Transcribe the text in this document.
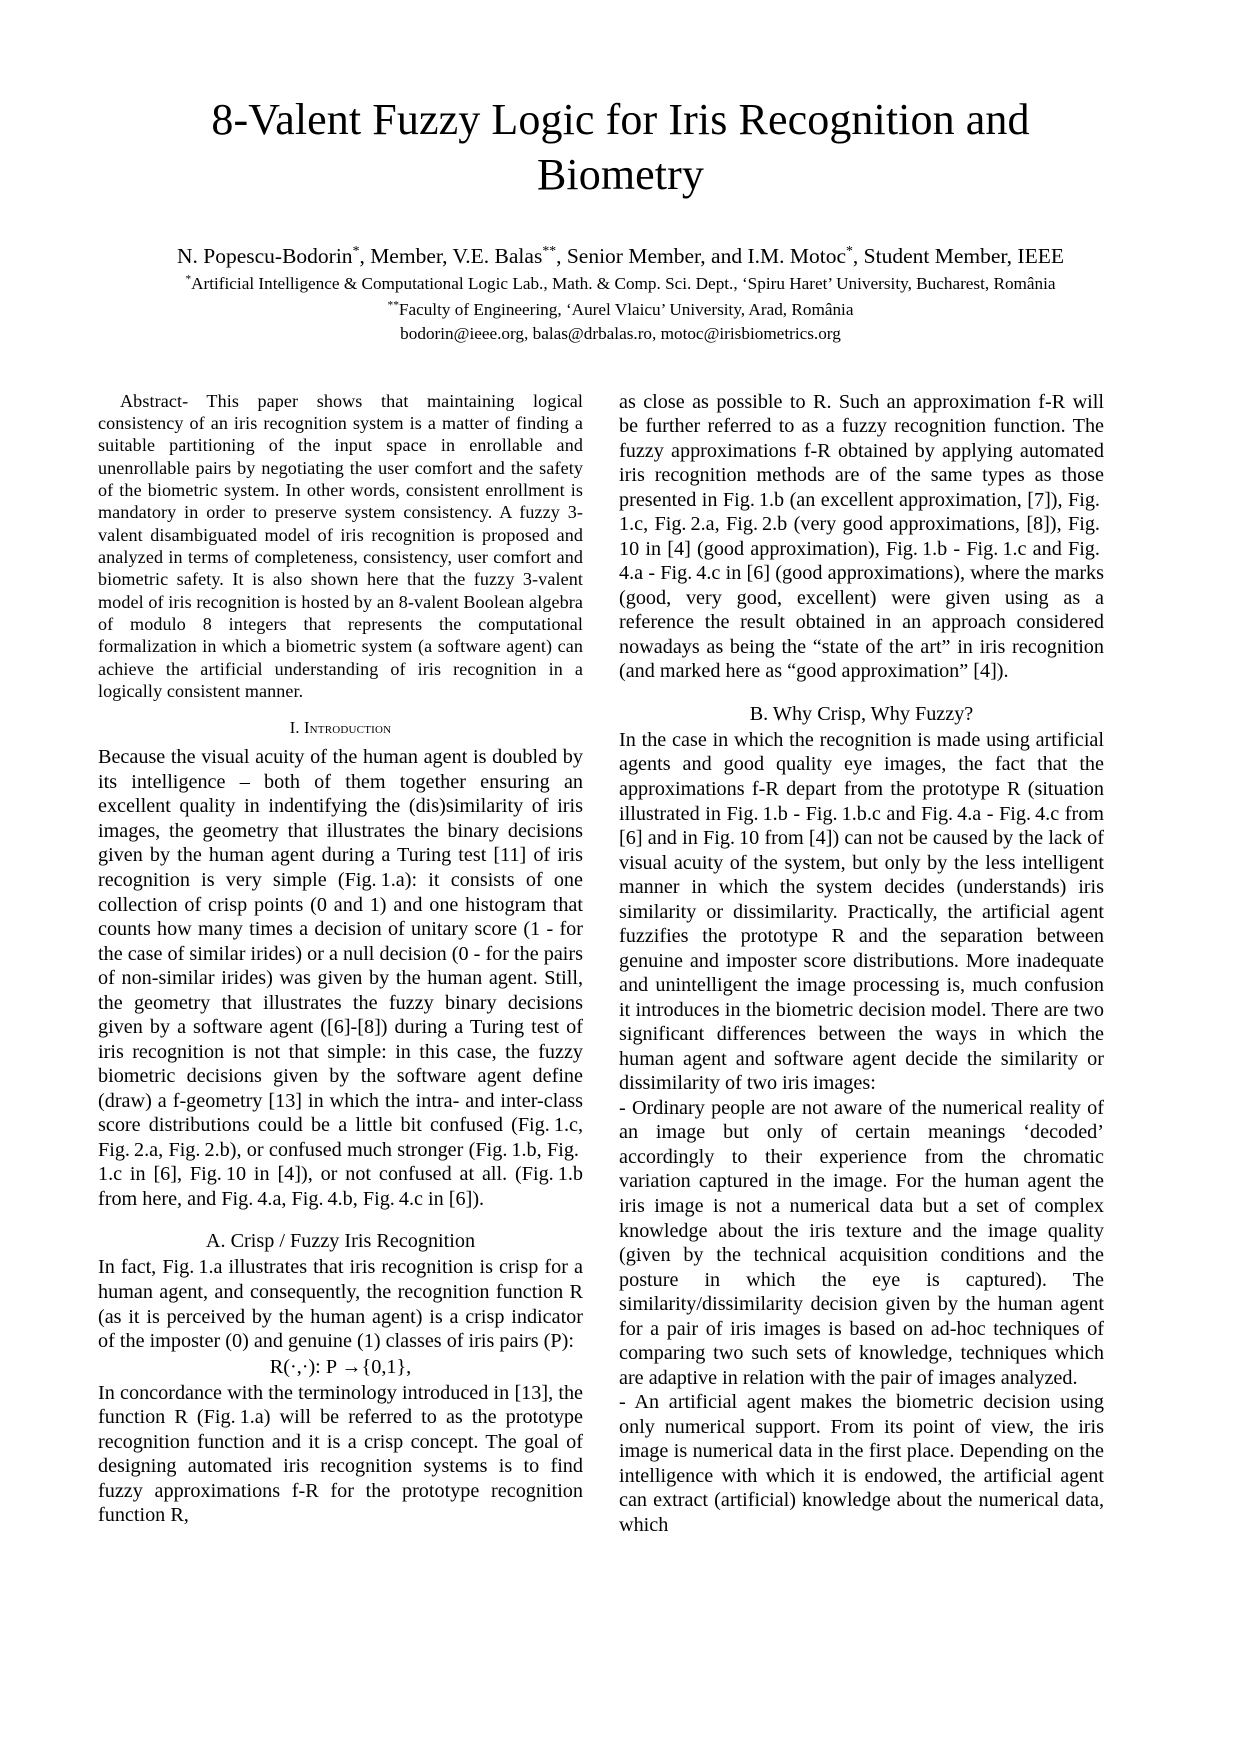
8-Valent Fuzzy Logic for Iris Recognition and Biometry
N. Popescu-Bodorin*, Member, V.E. Balas**, Senior Member, and I.M. Motoc*, Student Member, IEEE
*Artificial Intelligence & Computational Logic Lab., Math. & Comp. Sci. Dept., ‘Spiru Haret’ University, Bucharest, România
**Faculty of Engineering, ‘Aurel Vlaicu’ University, Arad, România
bodorin@ieee.org, balas@drbalas.ro, motoc@irisbiometrics.org

Abstract- This paper shows that maintaining logical consistency of an iris recognition system is a matter of finding a suitable partitioning of the input space in enrollable and unenrollable pairs by negotiating the user comfort and the safety of the biometric system. In other words, consistent enrollment is mandatory in order to preserve system consistency. A fuzzy 3-valent disambiguated model of iris recognition is proposed and analyzed in terms of completeness, consistency, user comfort and biometric safety. It is also shown here that the fuzzy 3-valent model of iris recognition is hosted by an 8-valent Boolean algebra of modulo 8 integers that represents the computational formalization in which a biometric system (a software agent) can achieve the artificial understanding of iris recognition in a logically consistent manner.

I. Introduction

Because the visual acuity of the human agent is doubled by its intelligence – both of them together ensuring an excellent quality in indentifying the (dis)similarity of iris images, the geometry that illustrates the binary decisions given by the human agent during a Turing test [11] of iris recognition is very simple (Fig. 1.a): it consists of one collection of crisp points (0 and 1) and one histogram that counts how many times a decision of unitary score (1 - for the case of similar irides) or a null decision (0 - for the pairs of non-similar irides) was given by the human agent. Still, the geometry that illustrates the fuzzy binary decisions given by a software agent ([6]-[8]) during a Turing test of iris recognition is not that simple: in this case, the fuzzy biometric decisions given by the software agent define (draw) a f-geometry [13] in which the intra- and inter-class score distributions could be a little bit confused (Fig. 1.c, Fig. 2.a, Fig. 2.b), or confused much stronger (Fig. 1.b, Fig. 1.c in [6], Fig. 10 in [4]), or not confused at all. (Fig. 1.b from here, and Fig. 4.a, Fig. 4.b, Fig. 4.c in [6]).

A. Crisp / Fuzzy Iris Recognition

In fact, Fig. 1.a illustrates that iris recognition is crisp for a human agent, and consequently, the recognition function R (as it is perceived by the human agent) is a crisp indicator of the imposter (0) and genuine (1) classes of iris pairs (P):

R(·,·): P →{0,1},

In concordance with the terminology introduced in [13], the function R (Fig. 1.a) will be referred to as the prototype recognition function and it is a crisp concept. The goal of designing automated iris recognition systems is to find fuzzy approximations f-R for the prototype recognition function R,

as close as possible to R. Such an approximation f-R will be further referred to as a fuzzy recognition function. The fuzzy approximations f-R obtained by applying automated iris recognition methods are of the same types as those presented in Fig. 1.b (an excellent approximation, [7]), Fig. 1.c, Fig. 2.a, Fig. 2.b (very good approximations, [8]), Fig. 10 in [4] (good approximation), Fig. 1.b - Fig. 1.c and Fig. 4.a - Fig. 4.c in [6] (good approximations), where the marks (good, very good, excellent) were given using as a reference the result obtained in an approach considered nowadays as being the “state of the art” in iris recognition (and marked here as “good approximation” [4]).

B. Why Crisp, Why Fuzzy?

In the case in which the recognition is made using artificial agents and good quality eye images, the fact that the approximations f-R depart from the prototype R (situation illustrated in Fig. 1.b - Fig. 1.b.c and Fig. 4.a - Fig. 4.c from [6] and in Fig. 10 from [4]) can not be caused by the lack of visual acuity of the system, but only by the less intelligent manner in which the system decides (understands) iris similarity or dissimilarity. Practically, the artificial agent fuzzifies the prototype R and the separation between genuine and imposter score distributions. More inadequate and unintelligent the image processing is, much confusion it introduces in the biometric decision model. There are two significant differences between the ways in which the human agent and software agent decide the similarity or dissimilarity of two iris images:

- Ordinary people are not aware of the numerical reality of an image but only of certain meanings ‘decoded’ accordingly to their experience from the chromatic variation captured in the image. For the human agent the iris image is not a numerical data but a set of complex knowledge about the iris texture and the image quality (given by the technical acquisition conditions and the posture in which the eye is captured). The similarity/dissimilarity decision given by the human agent for a pair of iris images is based on ad-hoc techniques of comparing two such sets of knowledge, techniques which are adaptive in relation with the pair of images analyzed.

- An artificial agent makes the biometric decision using only numerical support. From its point of view, the iris image is numerical data in the first place. Depending on the intelligence with which it is endowed, the artificial agent can extract (artificial) knowledge about the numerical data, which
